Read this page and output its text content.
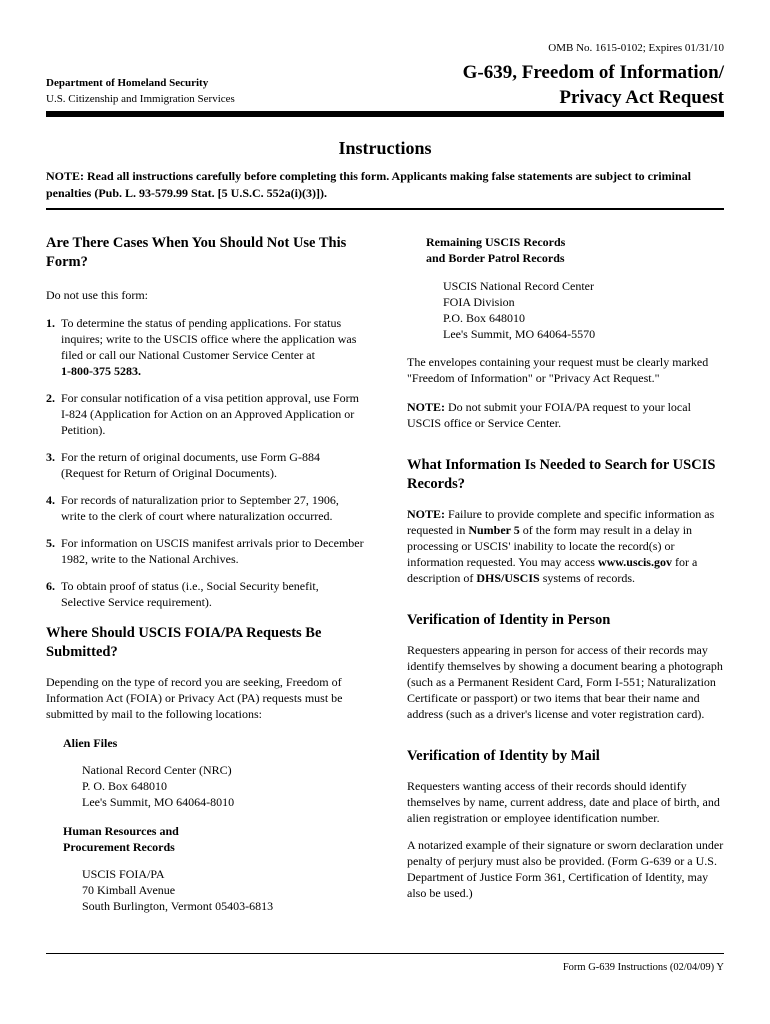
OMB No. 1615-0102; Expires 01/31/10
Department of Homeland Security
U.S. Citizenship and Immigration Services
G-639, Freedom of Information/
Privacy Act Request
Instructions
NOTE: Read all instructions carefully before completing this form. Applicants making false statements are subject to criminal penalties (Pub. L. 93-579.99 Stat. [5 U.S.C. 552a(i)(3)]).
Are There Cases When You Should Not Use This Form?

Do not use this form:

1. To determine the status of pending applications. For status inquires; write to the USCIS office where the application was filed or call our National Customer Service Center at
1-800-375 5283.
2. For consular notification of a visa petition approval, use Form I-824 (Application for Action on an Approved Application or Petition).
3. For the return of original documents, use Form G-884 (Request for Return of Original Documents).
4. For records of naturalization prior to September 27, 1906, write to the clerk of court where naturalization occurred.
5. For information on USCIS manifest arrivals prior to December 1982, write to the National Archives.
6. To obtain proof of status (i.e., Social Security benefit, Selective Service requirement).
Where Should USCIS FOIA/PA Requests Be Submitted?

Depending on the type of record you are seeking, Freedom of Information Act (FOIA) or Privacy Act (PA) requests must be submitted by mail to the following locations:

Alien Files

National Record Center (NRC)
P. O. Box 648010
Lee's Summit, MO 64064-8010
Human Resources and
Procurement Records
USCIS FOIA/PA
70 Kimball Avenue
South Burlington, Vermont 05403-6813
Remaining USCIS Records
and Border Patrol Records
USCIS National Record Center
FOIA Division
P.O. Box 648010
Lee's Summit, MO 64064-5570

The envelopes containing your request must be clearly marked "Freedom of Information" or "Privacy Act Request."

NOTE: Do not submit your FOIA/PA request to your local USCIS office or Service Center.

What Information Is Needed to Search for USCIS Records?

NOTE: Failure to provide complete and specific information as requested in Number 5 of the form may result in a delay in processing or USCIS' inability to locate the record(s) or information requested. You may access www.uscis.gov for a description of DHS/USCIS systems of records.

Verification of Identity in Person

Requesters appearing in person for access of their records may identify themselves by showing a document bearing a photograph (such as a Permanent Resident Card, Form I-551; Naturalization Certificate or passport) or two items that bear their name and address (such as a driver's license and voter registration card).

Verification of Identity by Mail

Requesters wanting access of their records should identify themselves by name, current address, date and place of birth, and alien registration or employee identification number.

A notarized example of their signature or sworn declaration under penalty of perjury must also be provided. (Form G-639 or a U.S. Department of Justice Form 361, Certification of Identity, may also be used.)

Form G-639 Instructions (02/04/09) Y
